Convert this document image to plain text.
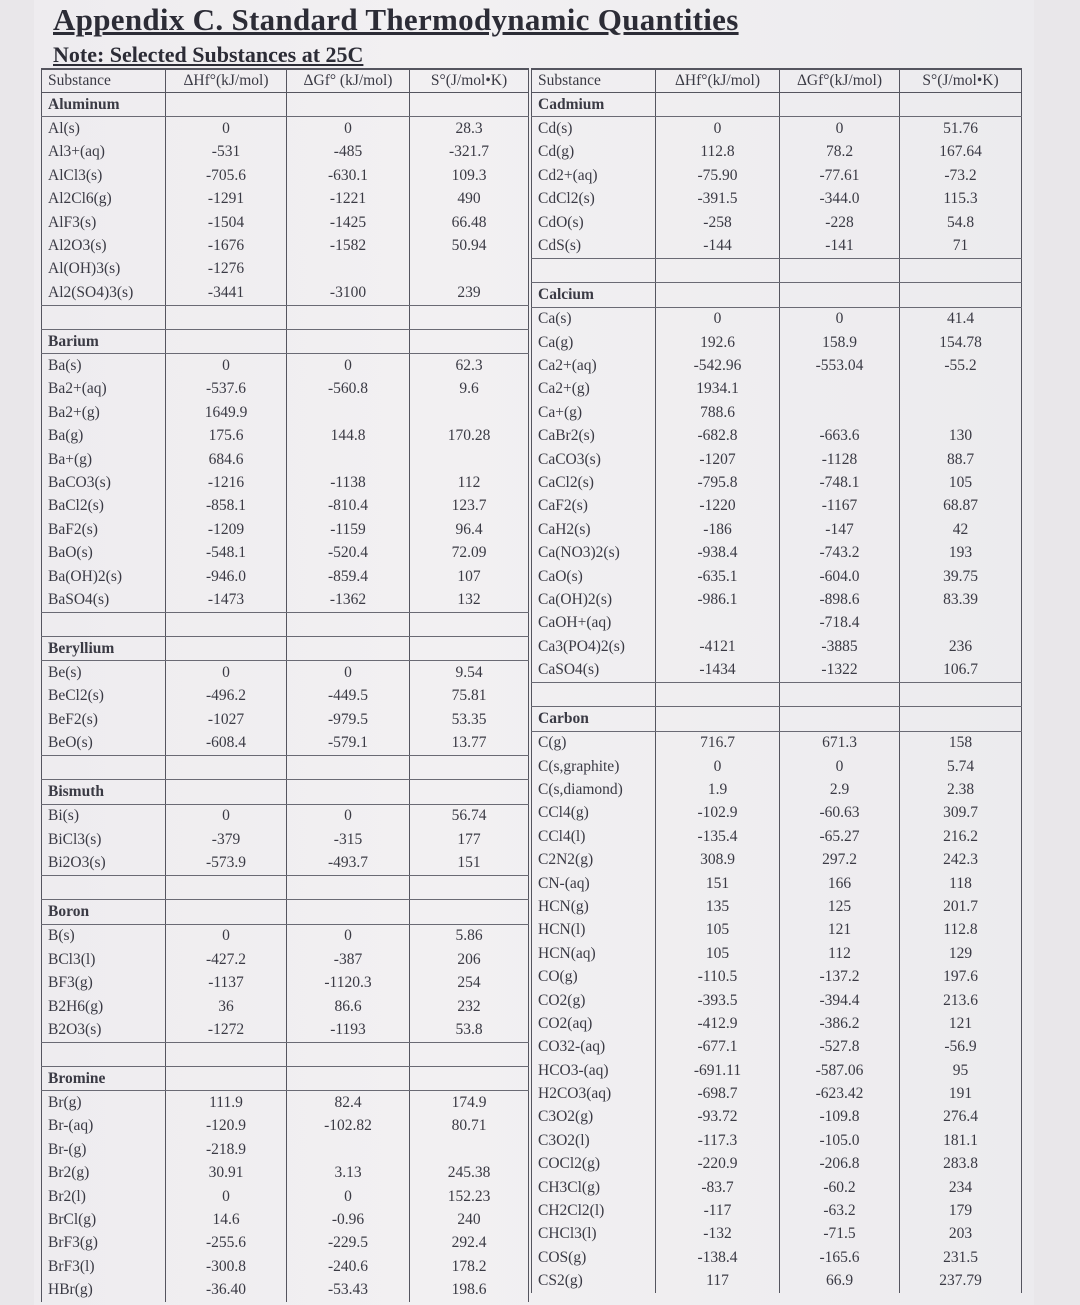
Appendix C. Standard Thermodynamic Quantities
Note: Selected Substances at 25C
Substance	ΔHf°(kJ/mol)	ΔGf° (kJ/mol)	S°(J/mol•K)
Aluminum			
Al(s)	0	0	28.3
Al3+(aq)	-531	-485	-321.7
AlCl3(s)	-705.6	-630.1	109.3
Al2Cl6(g)	-1291	-1221	490
AlF3(s)	-1504	-1425	66.48
Al2O3(s)	-1676	-1582	50.94
Al(OH)3(s)	-1276		
Al2(SO4)3(s)	-3441	-3100	239

Barium			
Ba(s)	0	0	62.3
Ba2+(aq)	-537.6	-560.8	9.6
Ba2+(g)	1649.9		
Ba(g)	175.6	144.8	170.28
Ba+(g)	684.6		
BaCO3(s)	-1216	-1138	112
BaCl2(s)	-858.1	-810.4	123.7
BaF2(s)	-1209	-1159	96.4
BaO(s)	-548.1	-520.4	72.09
Ba(OH)2(s)	-946.0	-859.4	107
BaSO4(s)	-1473	-1362	132

Beryllium			
Be(s)	0	0	9.54
BeCl2(s)	-496.2	-449.5	75.81
BeF2(s)	-1027	-979.5	53.35
BeO(s)	-608.4	-579.1	13.77

Bismuth			
Bi(s)	0	0	56.74
BiCl3(s)	-379	-315	177
Bi2O3(s)	-573.9	-493.7	151

Boron			
B(s)	0	0	5.86
BCl3(l)	-427.2	-387	206
BF3(g)	-1137	-1120.3	254
B2H6(g)	36	86.6	232
B2O3(s)	-1272	-1193	53.8

Bromine			
Br(g)	111.9	82.4	174.9
Br-(aq)	-120.9	-102.82	80.71
Br-(g)	-218.9		
Br2(g)	30.91	3.13	245.38
Br2(l)	0	0	152.23
BrCl(g)	14.6	-0.96	240
BrF3(g)	-255.6	-229.5	292.4
BrF3(l)	-300.8	-240.6	178.2
HBr(g)	-36.40	-53.43	198.6
Substance	ΔHf°(kJ/mol)	ΔGf°(kJ/mol)	S°(J/mol•K)
Cadmium			
Cd(s)	0	0	51.76
Cd(g)	112.8	78.2	167.64
Cd2+(aq)	-75.90	-77.61	-73.2
CdCl2(s)	-391.5	-344.0	115.3
CdO(s)	-258	-228	54.8
CdS(s)	-144	-141	71

Calcium			
Ca(s)	0	0	41.4
Ca(g)	192.6	158.9	154.78
Ca2+(aq)	-542.96	-553.04	-55.2
Ca2+(g)	1934.1		
Ca+(g)	788.6		
CaBr2(s)	-682.8	-663.6	130
CaCO3(s)	-1207	-1128	88.7
CaCl2(s)	-795.8	-748.1	105
CaF2(s)	-1220	-1167	68.87
CaH2(s)	-186	-147	42
Ca(NO3)2(s)	-938.4	-743.2	193
CaO(s)	-635.1	-604.0	39.75
Ca(OH)2(s)	-986.1	-898.6	83.39
CaOH+(aq)		-718.4	
Ca3(PO4)2(s)	-4121	-3885	236
CaSO4(s)	-1434	-1322	106.7

Carbon			
C(g)	716.7	671.3	158
C(s,graphite)	0	0	5.74
C(s,diamond)	1.9	2.9	2.38
CCl4(g)	-102.9	-60.63	309.7
CCl4(l)	-135.4	-65.27	216.2
C2N2(g)	308.9	297.2	242.3
CN-(aq)	151	166	118
HCN(g)	135	125	201.7
HCN(l)	105	121	112.8
HCN(aq)	105	112	129
CO(g)	-110.5	-137.2	197.6
CO2(g)	-393.5	-394.4	213.6
CO2(aq)	-412.9	-386.2	121
CO32-(aq)	-677.1	-527.8	-56.9
HCO3-(aq)	-691.11	-587.06	95
H2CO3(aq)	-698.7	-623.42	191
C3O2(g)	-93.72	-109.8	276.4
C3O2(l)	-117.3	-105.0	181.1
COCl2(g)	-220.9	-206.8	283.8
CH3Cl(g)	-83.7	-60.2	234
CH2Cl2(l)	-117	-63.2	179
CHCl3(l)	-132	-71.5	203
COS(g)	-138.4	-165.6	231.5
CS2(g)	117	66.9	237.79
